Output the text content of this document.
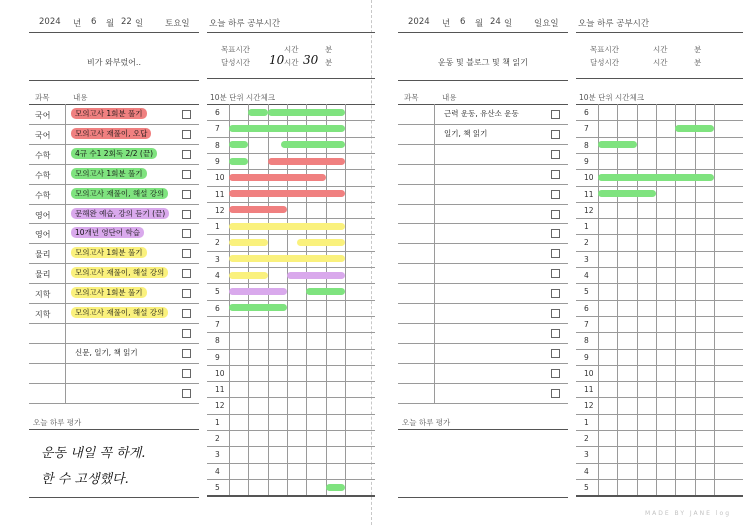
2024 년 6 월 22 일	토요일
비가 와부렀어..
오늘 하루 공부시간
목표시간	시간	분
달성시간	시간	분
10 30
과목	내용
국어	모의고사 1회분 풀기
국어	모의고사 재풀이, 오답
수학	4규 수1 2회독 2/2 (끝)
수학	모의고사 1회분 풀기
수학	모의고사 재풀이, 해설 강의
영어	문해완 예습, 강의 듣기 (끝)
영어	10개년 영단어 학습
물리	모의고사 1회분 풀기
물리	모의고사 재풀이, 해설 강의
지학	모의고사 1회분 풀기
지학	모의고사 재풀이, 해설 강의
신문, 일기, 책 읽기
오늘 하루 평가
운동 내일 꼭 하게.
한 수 고생했다.
10분 단위 시간체크
6
7
8
9
10
11
12
1
2
3
4
5
6
7
8
9
10
11
12
1
2
3
4
5
2024 년 6 월 24 일	일요일
운동 및 블로그 및 책 읽기
오늘 하루 공부시간
목표시간	시간	분
달성시간	시간	분
과목	내용
근력 운동, 유산소 운동
일기, 책 읽기
오늘 하루 평가
10분 단위 시간체크
6
7
8
9
10
11
12
1
2
3
4
5
6
7
8
9
10
11
12
1
2
3
4
5
MADE BY JANE log
